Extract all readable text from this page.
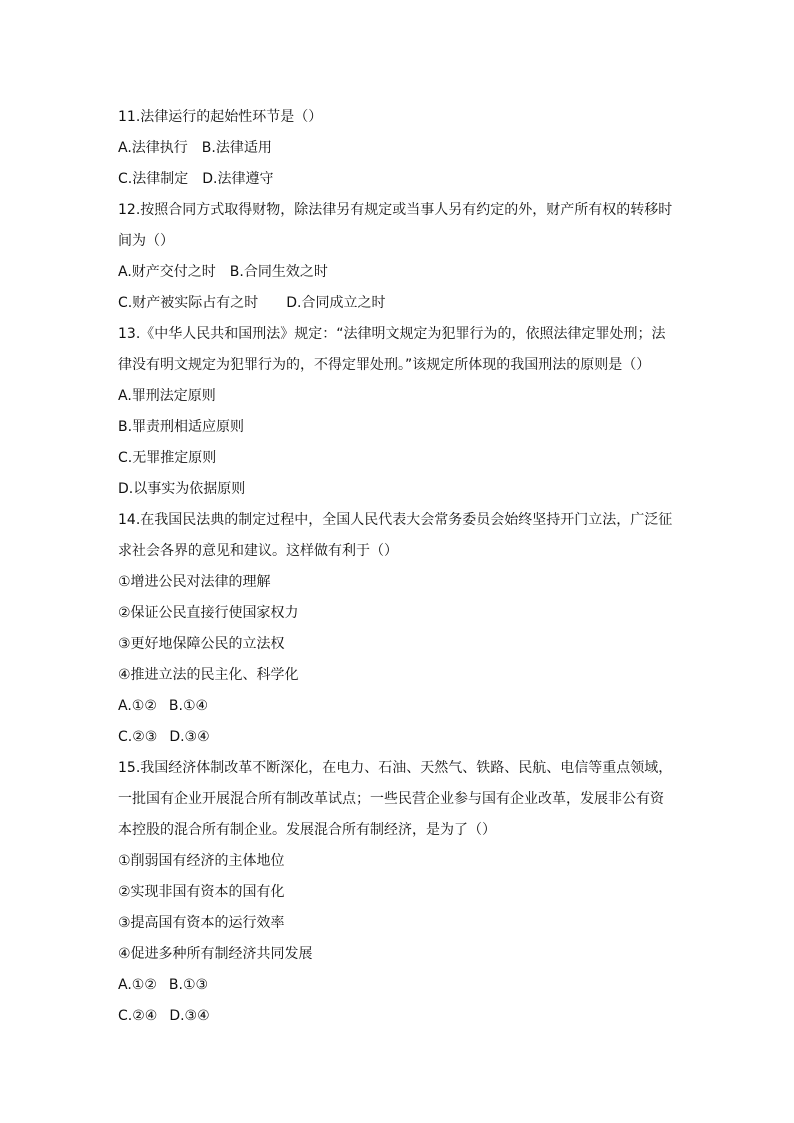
11.法律运行的起始性环节是（）
A.法律执行 B.法律适用
C.法律制定 D.法律遵守
12.按照合同方式取得财物，除法律另有规定或当事人另有约定的外，财产所有权的转移时
间为（）
A.财产交付之时 B.合同生效之时
C.财产被实际占有之时 D.合同成立之时
13.《中华人民共和国刑法》规定：“法律明文规定为犯罪行为的，依照法律定罪处刑；法
律没有明文规定为犯罪行为的，不得定罪处刑。”该规定所体现的我国刑法的原则是（）
A.罪刑法定原则
B.罪责刑相适应原则
C.无罪推定原则
D.以事实为依据原则
14.在我国民法典的制定过程中，全国人民代表大会常务委员会始终坚持开门立法，广泛征
求社会各界的意见和建议。这样做有利于（）
①增进公民对法律的理解
②保证公民直接行使国家权力
③更好地保障公民的立法权
④推进立法的民主化、科学化
A.①② B.①④
C.②③ D.③④
15.我国经济体制改革不断深化，在电力、石油、天然气、铁路、民航、电信等重点领域，
一批国有企业开展混合所有制改革试点；一些民营企业参与国有企业改革，发展非公有资
本控股的混合所有制企业。发展混合所有制经济，是为了（）
①削弱国有经济的主体地位
②实现非国有资本的国有化
③提高国有资本的运行效率
④促进多种所有制经济共同发展
A.①② B.①③
C.②④ D.③④
